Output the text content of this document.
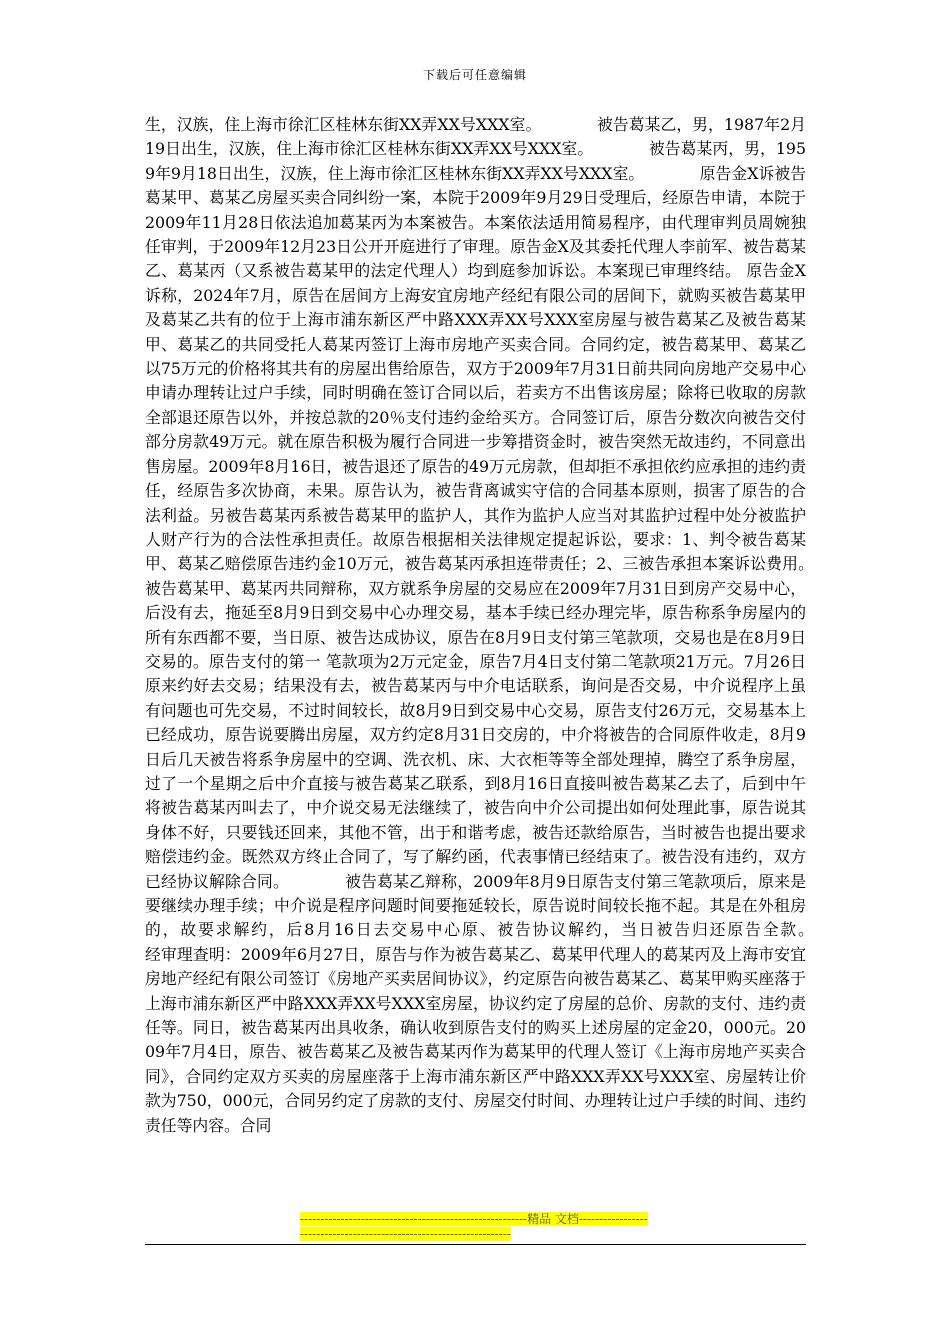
下载后可任意编辑

生，汉族，住上海市徐汇区桂林东街XX弄XX号XXX室。　　　　被告葛某乙，男，1987年2月19日出生，汉族，住上海市徐汇区桂林东街XX弄XX号XXX室。　　　　被告葛某丙，男，1959年9月18日出生，汉族，住上海市徐汇区桂林东街XX弄XX号XXX室。　　　　原告金X诉被告葛某甲、葛某乙房屋买卖合同纠纷一案，本院于2009年9月29日受理后，经原告申请，本院于2009年11月28日依法追加葛某丙为本案被告。本案依法适用简易程序，由代理审判员周婉独任审判，于2009年12月23日公开开庭进行了审理。原告金X及其委托代理人李前军、被告葛某乙、葛某丙（又系被告葛某甲的法定代理人）均到庭参加诉讼。本案现已审理终结。 原告金X诉称，2024年7月，原告在居间方上海安宜房地产经纪有限公司的居间下，就购买被告葛某甲及葛某乙共有的位于上海市浦东新区严中路XXX弄XX号XXX室房屋与被告葛某乙及被告葛某甲、葛某乙的共同受托人葛某丙签订上海市房地产买卖合同。合同约定，被告葛某甲、葛某乙以75万元的价格将其共有的房屋出售给原告，双方于2009年7月31日前共同向房地产交易中心申请办理转让过户手续，同时明确在签订合同以后，若卖方不出售该房屋；除将已收取的房款全部退还原告以外，并按总款的20％支付违约金给买方。合同签订后，原告分数次向被告交付部分房款49万元。就在原告积极为履行合同进一步筹措资金时，被告突然无故违约，不同意出售房屋。2009年8月16日，被告退还了原告的49万元房款，但却拒不承担依约应承担的违约责任，经原告多次协商，未果。原告认为，被告背离诚实守信的合同基本原则，损害了原告的合法利益。另被告葛某丙系被告葛某甲的监护人，其作为监护人应当对其监护过程中处分被监护人财产行为的合法性承担责任。故原告根据相关法律规定提起诉讼，要求：1、判令被告葛某甲、葛某乙赔偿原告违约金10万元，被告葛某丙承担连带责任；2、三被告承担本案诉讼费用。　　　　被告葛某甲、葛某丙共同辩称，双方就系争房屋的交易应在2009年7月31日到房产交易中心，后没有去，拖延至8月9日到交易中心办理交易，基本手续已经办理完毕，原告称系争房屋内的所有东西都不要，当日原、被告达成协议，原告在8月9日支付第三笔款项，交易也是在8月9日交易的。原告支付的第一 笔款项为2万元定金，原告7月4日支付第二笔款项21万元。7月26日原来约好去交易；结果没有去，被告葛某丙与中介电话联系，询问是否交易，中介说程序上虽有问题也可先交易，不过时间较长，故8月9日到交易中心交易，原告支付26万元，交易基本上已经成功，原告说要腾出房屋，双方约定8月31日交房的，中介将被告的合同原件收走，8月9日后几天被告将系争房屋中的空调、洗衣机、床、大衣柜等等全部处理掉，腾空了系争房屋，过了一个星期之后中介直接与被告葛某乙联系，到8月16日直接叫被告葛某乙去了，后到中午将被告葛某丙叫去了，中介说交易无法继续了，被告向中介公司提出如何处理此事，原告说其身体不好，只要钱还回来，其他不管，出于和谐考虑，被告还款给原告，当时被告也提出要求赔偿违约金。既然双方终止合同了，写了解约函，代表事情已经结束了。被告没有违约，双方已经协议解除合同。　　　　被告葛某乙辩称，2009年8月9日原告支付第三笔款项后，原来是要继续办理手续；中介说是程序问题时间要拖延较长，原告说时间较长拖不起。其是在外租房的，故要求解约，后8月16日去交易中心原、被告协议解约，当日被告归还原告全款。　　　　经审理查明：2009年6月27日，原告与作为被告葛某乙、葛某甲代理人的葛某丙及上海市安宜房地产经纪有限公司签订《房地产买卖居间协议》，约定原告向被告葛某乙、葛某甲购买座落于上海市浦东新区严中路XXX弄XX号XXX室房屋，协议约定了房屋的总价、房款的支付、违约责任等。同日，被告葛某丙出具收条，确认收到原告支付的购买上述房屋的定金20，000元。2009年7月4日，原告、被告葛某乙及被告葛某丙作为葛某甲的代理人签订《上海市房地产买卖合同》，合同约定双方买卖的房屋座落于上海市浦东新区严中路XXX弄XX号XXX室、房屋转让价款为750，000元，合同另约定了房款的支付、房屋交付时间、办理转让过户手续的时间、违约责任等内容。合同

--------------------------------------------------------精品 文档---------------------------------------------------------------------
